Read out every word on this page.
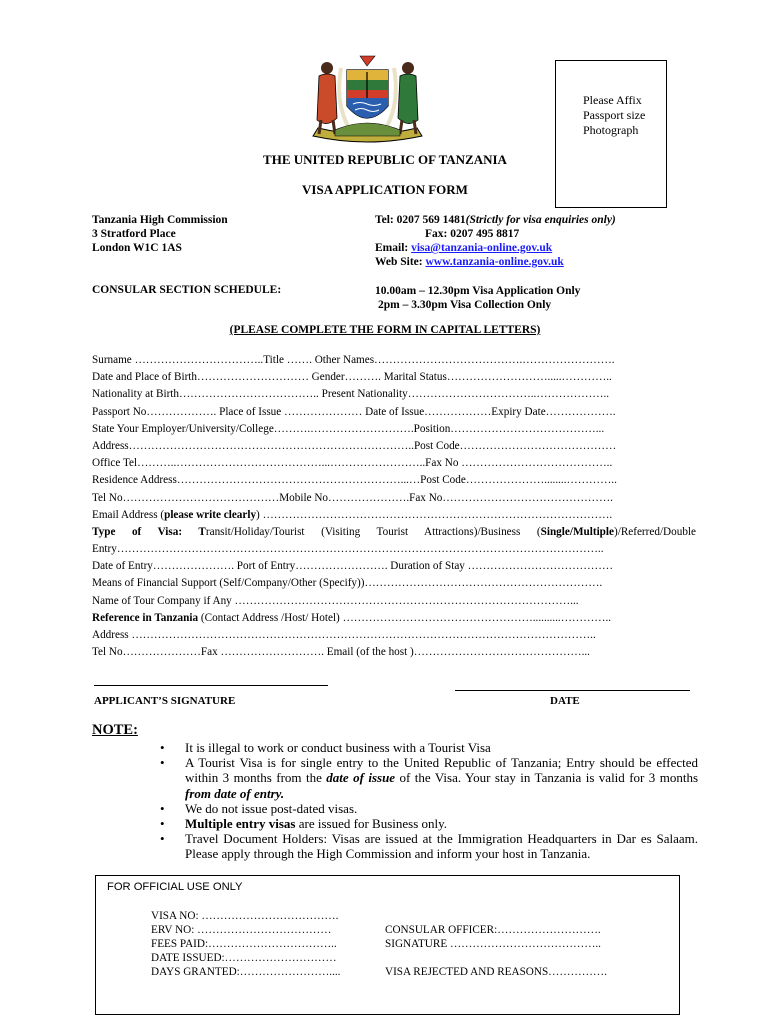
Please Affix
Passport size
Photograph
THE UNITED REPUBLIC OF TANZANIA
VISA APPLICATION FORM
Tanzania High Commission
3 Stratford Place
London W1C 1AS
Tel: 0207 569 1481(Strictly for visa enquiries only)
Fax: 0207 495 8817
Email: visa@tanzania-online.gov.uk
Web Site: www.tanzania-online.gov.uk
CONSULAR SECTION SCHEDULE:	10.00am – 12.30pm Visa Application Only
2pm – 3.30pm Visa Collection Only
(PLEASE COMPLETE THE FORM IN CAPITAL LETTERS)
Surname ……………………………..Title ……. Other Names………………………………….…………………….
Date and Place of Birth………………………… Gender………. Marital Status……………………….....…………..
Nationality at Birth……………………………….. Present Nationality……………………………..………………..
Passport No………………. Place of Issue ………………… Date of Issue………………Expiry Date……………….
State Your Employer/University/College……….……………………….Position…………………………………...
Address…………………………………………………………………..Post Code……………………………………
Office Tel………..…………………………………...……………………..Fax No …………………………………..
Residence Address……………………………………………………...…Post Code…………………........…………..
Tel No……………………………………Mobile No………………….Fax No……………………………………….
Email Address (please write clearly) ………………………………………………………………………………….
Type of Visa: Transit/Holiday/Tourist (Visiting Tourist Attractions)/Business (Single/Multiple)/Referred/Double
Entry…………………………………………………………………………………………………………………..
Date of Entry…………………. Port of Entry……………………. Duration of Stay …………………………………
Means of Financial Support (Self/Company/Other (Specify))……………………………………………………….
Name of Tour Company if Any ………………………………………………………………………………...
Reference in Tanzania (Contact Address /Host/ Hotel) ……………………………………………..........…………..
Address ……………………………………………………………………………………………………………..
Tel No…………………Fax ………………………. Email (of the host )………………………………………...
APPLICANT’S SIGNATURE	DATE
NOTE:
• It is illegal to work or conduct business with a Tourist Visa
• A Tourist Visa is for single entry to the United Republic of Tanzania; Entry should be effected within 3 months from the date of issue of the Visa. Your stay in Tanzania is valid for 3 months from date of entry.
• We do not issue post-dated visas.
• Multiple entry visas are issued for Business only.
• Travel Document Holders: Visas are issued at the Immigration Headquarters in Dar es Salaam. Please apply through the High Commission and inform your host in Tanzania.
FOR OFFICIAL USE ONLY
VISA NO: ……………………………….
ERV NO: ………………………………
FEES PAID:……………………………..
DATE ISSUED:…………………………
DAYS GRANTED:……………………....
CONSULAR OFFICER:……………………….
SIGNATURE …………………………………..
VISA REJECTED AND REASONS…………….
